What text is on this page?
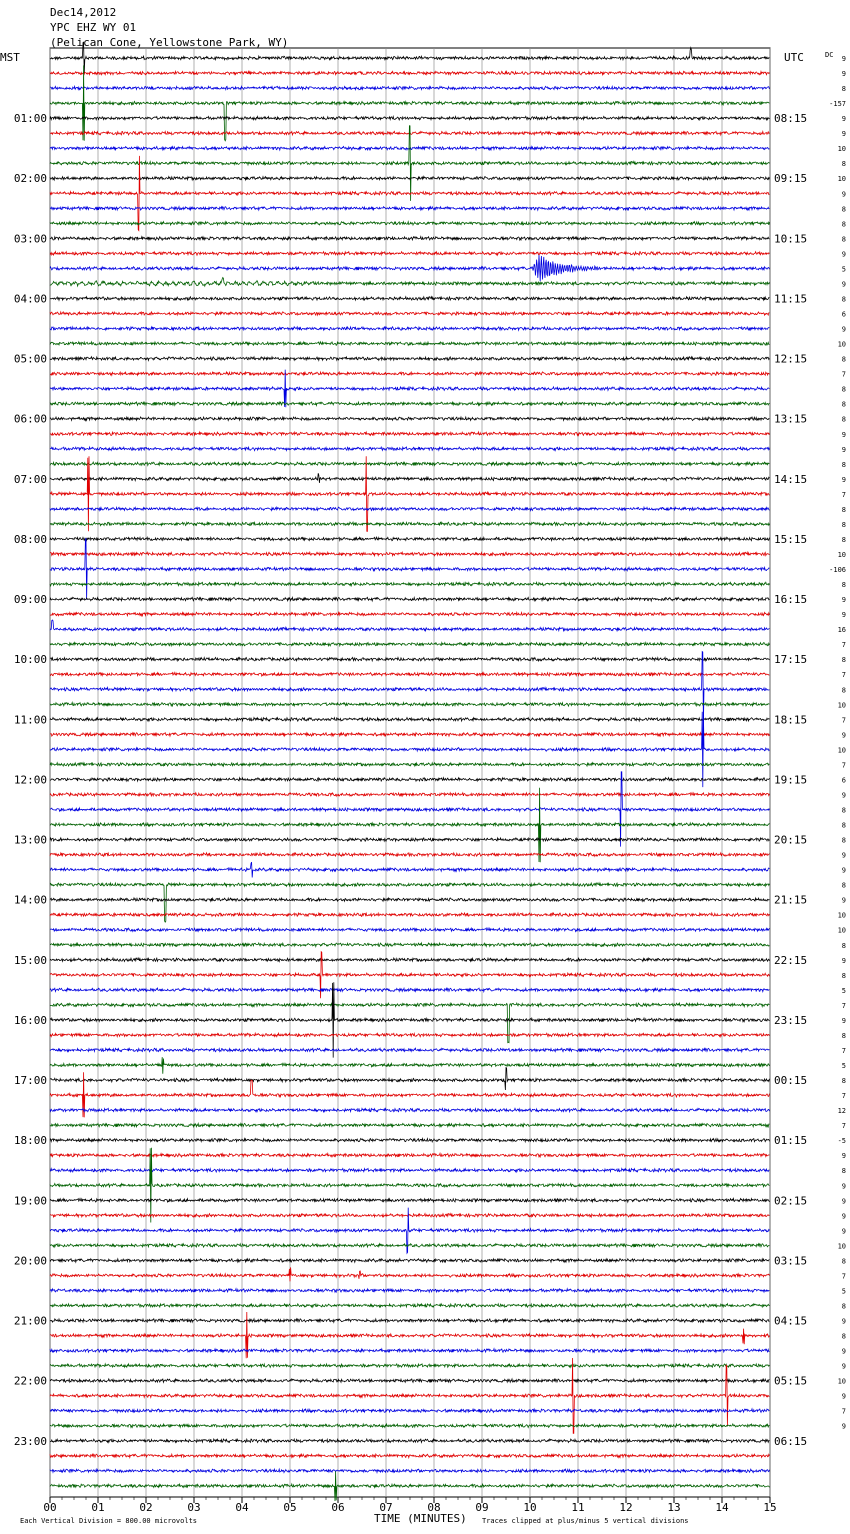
00	01	02	03	04	05	06	07	08	09	10	11	12	13	14	15
9
9
8
-157
01:00	08:15	9
9
10
8
02:00	09:15	10
9
8
8
03:00	10:15	8
9
5
9
04:00	11:15	8
6
9
10
05:00	12:15	8
7
8
8
06:00	13:15	8
9
9
8
07:00	14:15	9
7
8
8
08:00	15:15	8
10
-106
8
09:00	16:15	9
9
16
7
10:00	17:15	8
7
8
10
11:00	18:15	7
9
10
7
12:00	19:15	6
9
8
8
13:00	20:15	8
9
9
8
14:00	21:15	9
10
10
8
15:00	22:15	9
8
5
7
16:00	23:15	9
8
7
5
17:00	00:15	8
7
12
7
18:00	01:15	-5
9
8
9
19:00	02:15	9
9
9
10
20:00	03:15	8
7
5
8
21:00	04:15	9
8
9
9
22:00	05:15	10
9
7
9
23:00	06:15
Dec14,2012
YPC EHZ WY 01
(Pelican Cone, Yellowstone Park, WY)
MST	UTC	DC
Each Vertical Division = 800.00 microvolts	TIME (MINUTES) Traces clipped at plus/minus 5 vertical divisions
